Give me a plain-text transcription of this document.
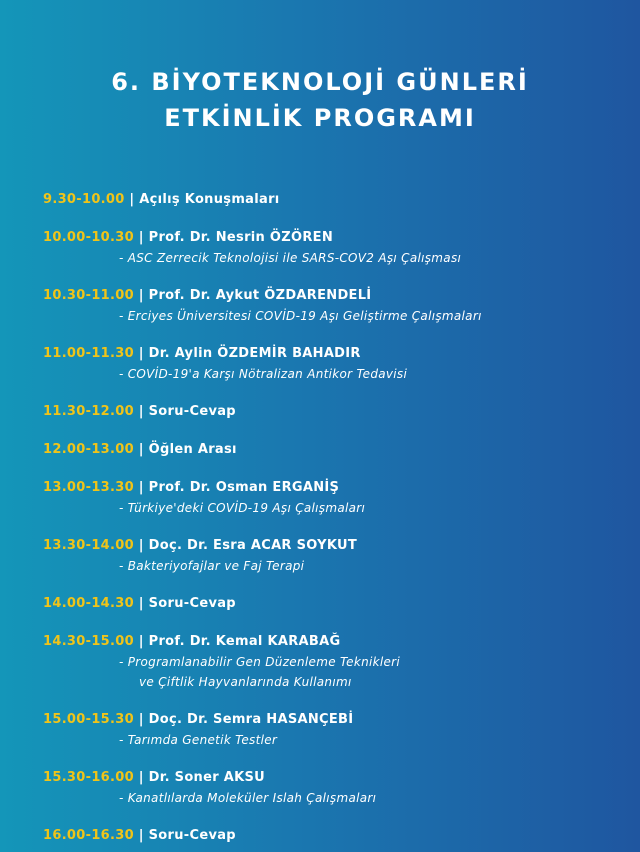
6. BİYOTEKNOLOJİ GÜNLERİ
ETKİNLİK PROGRAMI
9.30-10.00 | Açılış Konuşmaları
10.00-10.30 | Prof. Dr. Nesrin ÖZÖREN
- ASC Zerrecik Teknolojisi ile SARS-COV2 Aşı Çalışması
10.30-11.00 | Prof. Dr. Aykut ÖZDARENDELİ
- Erciyes Üniversitesi COVİD-19 Aşı Geliştirme Çalışmaları
11.00-11.30 | Dr. Aylin ÖZDEMİR BAHADIR
- COVİD-19'a Karşı Nötralizan Antikor Tedavisi
11.30-12.00 | Soru-Cevap
12.00-13.00 | Öğlen Arası
13.00-13.30 | Prof. Dr. Osman ERGANİŞ
- Türkiye'deki COVİD-19 Aşı Çalışmaları
13.30-14.00 | Doç. Dr. Esra ACAR SOYKUT
- Bakteriyofajlar ve Faj Terapi
14.00-14.30 | Soru-Cevap
14.30-15.00 | Prof. Dr. Kemal KARABAĞ
- Programlanabilir Gen Düzenleme Teknikleri
ve Çiftlik Hayvanlarında Kullanımı
15.00-15.30 | Doç. Dr. Semra HASANÇEBİ
- Tarımda Genetik Testler
15.30-16.00 | Dr. Soner AKSU
- Kanatlılarda Moleküler Islah Çalışmaları
16.00-16.30 | Soru-Cevap
